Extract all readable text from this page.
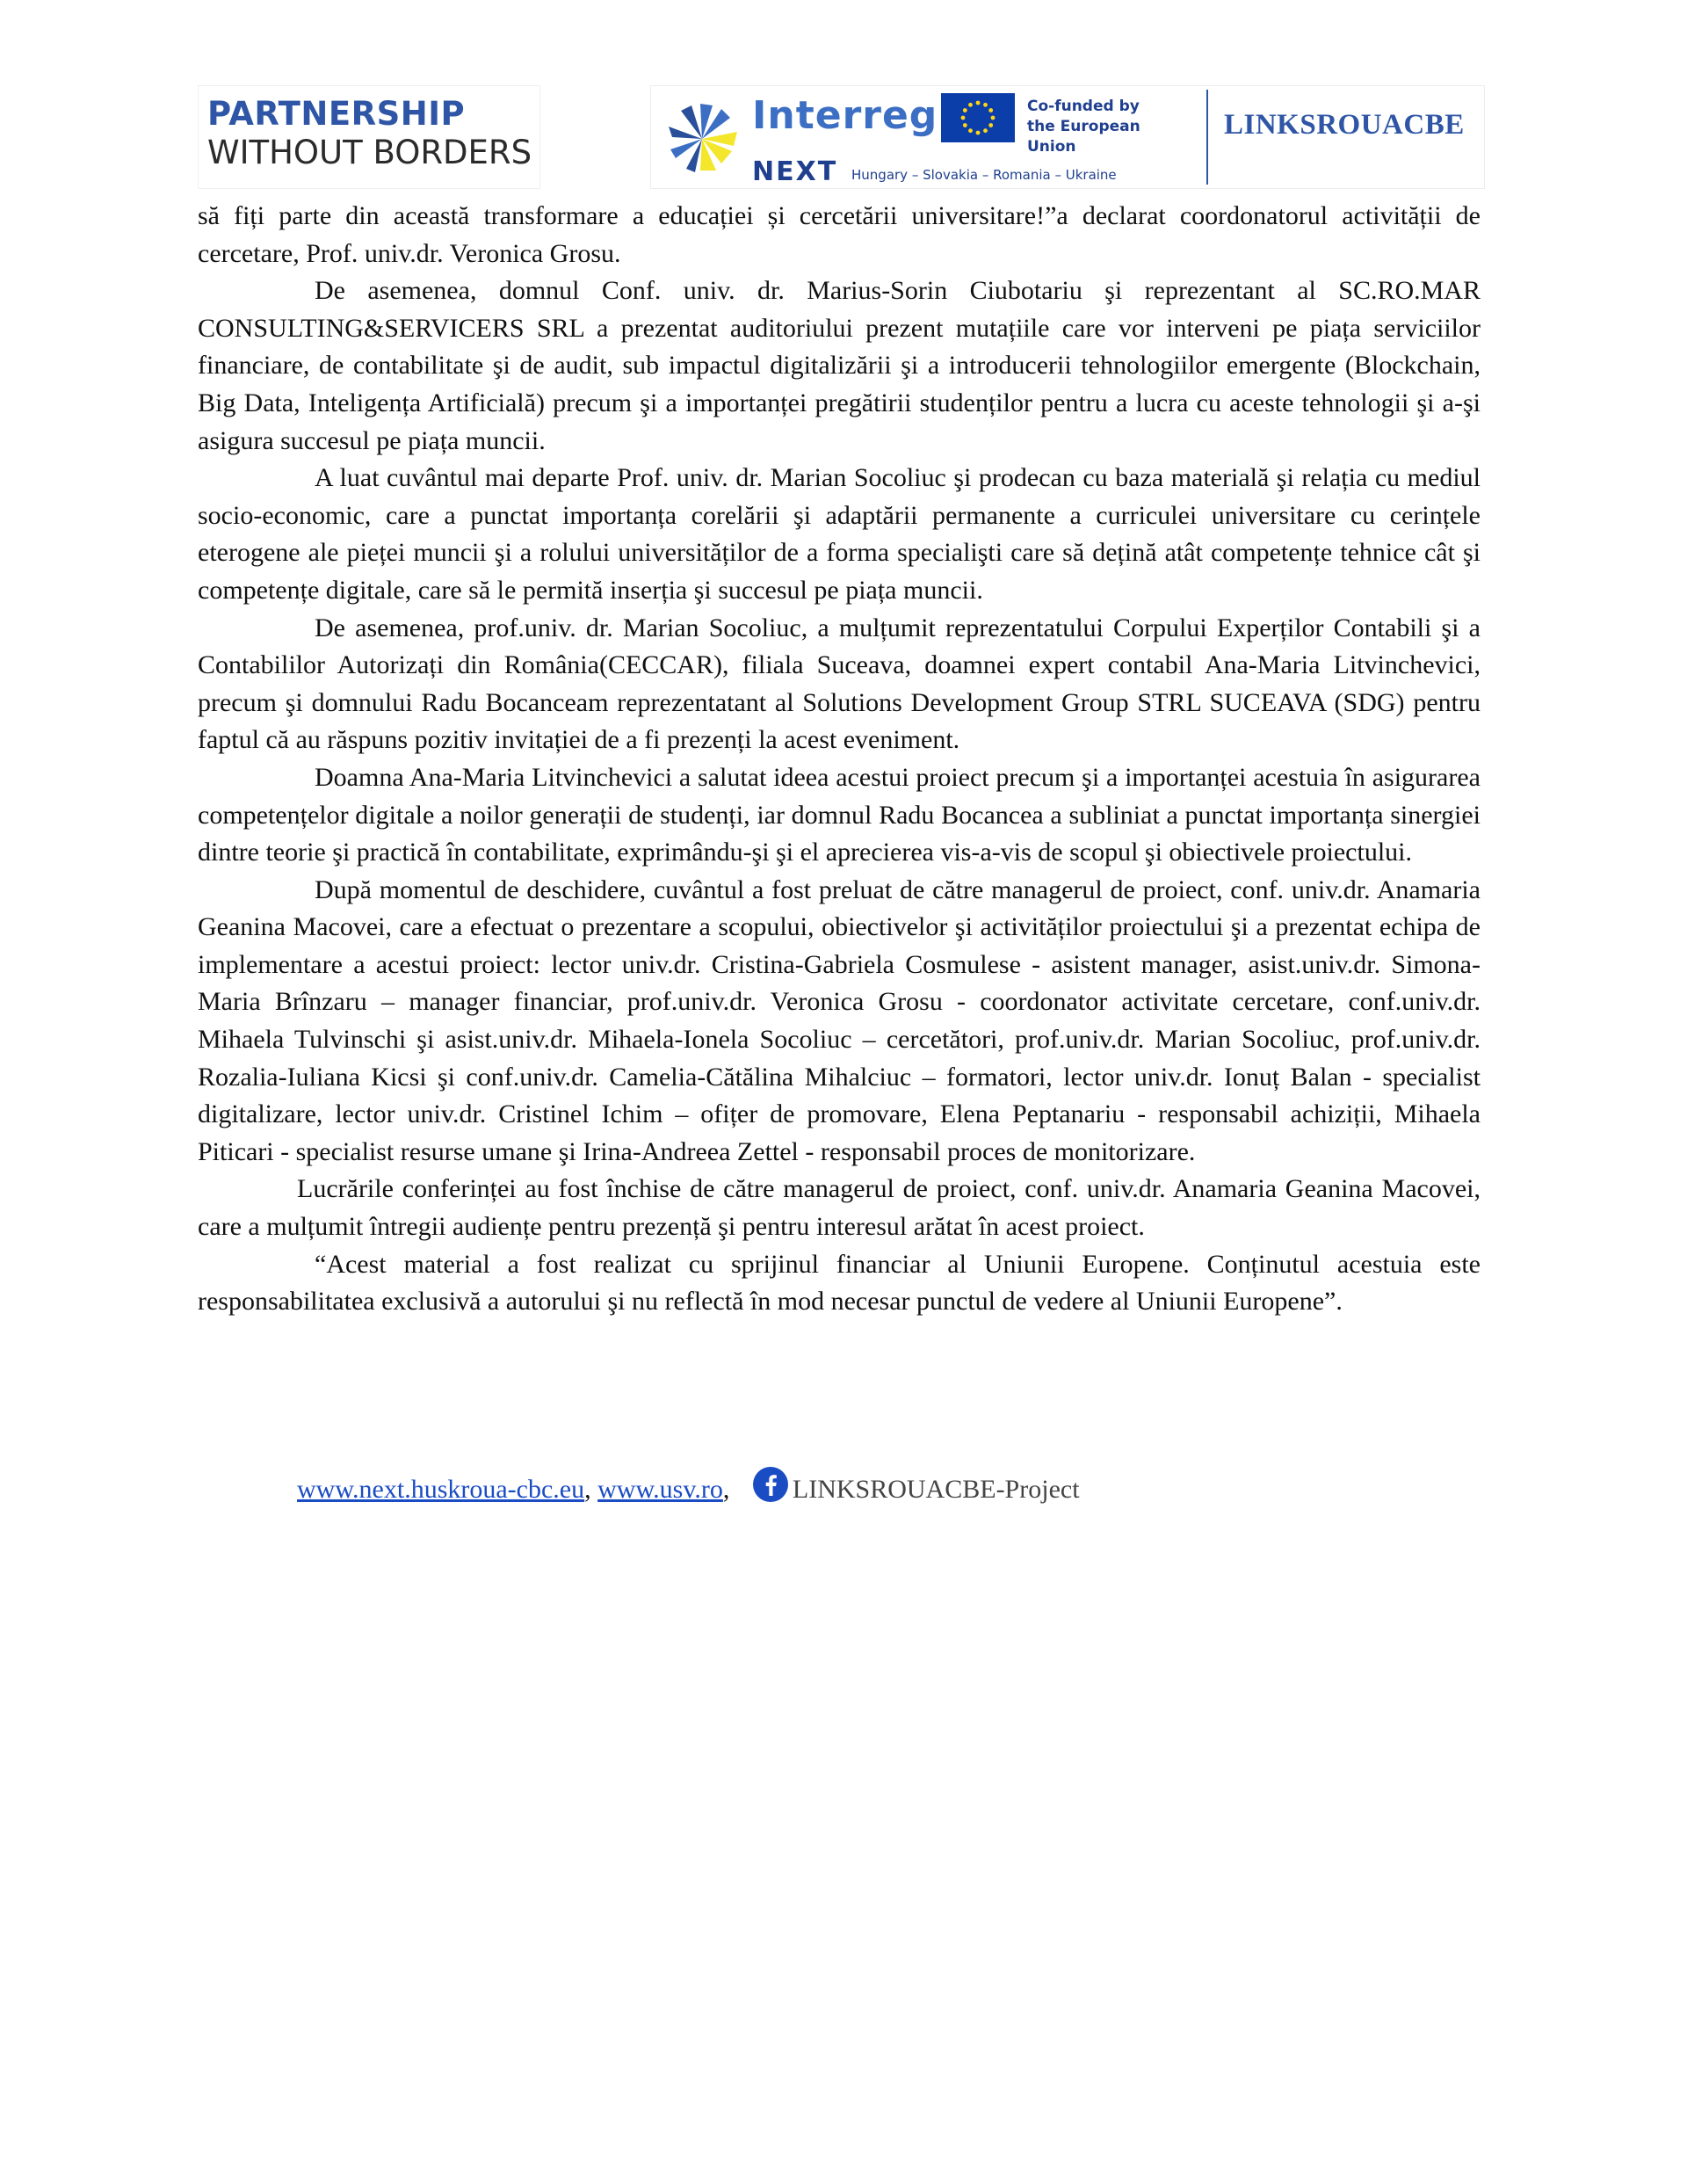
PARTNERSHIP
WITHOUT BORDERS
Interreg
NEXT Hungary – Slovakia – Romania – Ukraine
Co-funded by
the European Union
LINKSROUACBE

să fiți parte din această transformare a educației și cercetării universitare!”a declarat coordonatorul activității de cercetare, Prof. univ.dr. Veronica Grosu.

De asemenea, domnul Conf. univ. dr. Marius-Sorin Ciubotariu şi reprezentant al SC.RO.MAR CONSULTING&SERVICERS SRL a prezentat auditoriului prezent mutațiile care vor interveni pe piața serviciilor financiare, de contabilitate şi de audit, sub impactul digitalizării şi a introducerii tehnologiilor emergente (Blockchain, Big Data, Inteligența Artificială) precum şi a importanței pregătirii studenților pentru a lucra cu aceste tehnologii şi a-şi asigura succesul pe piața muncii.

A luat cuvântul mai departe Prof. univ. dr. Marian Socoliuc şi prodecan cu baza materială şi relația cu mediul socio-economic, care a punctat importanța corelării şi adaptării permanente a curriculei universitare cu cerințele eterogene ale pieței muncii şi a rolului universităților de a forma specialişti care să dețină atât competențe tehnice cât şi competențe digitale, care să le permită inserția şi succesul pe piața muncii.

De asemenea, prof.univ. dr. Marian Socoliuc, a mulțumit reprezentatului Corpului Experților Contabili şi a Contabililor Autorizați din România(CECCAR), filiala Suceava, doamnei expert contabil Ana-Maria Litvinchevici, precum şi domnului Radu Bocanceam reprezentatant al Solutions Development Group STRL SUCEAVA (SDG) pentru faptul că au răspuns pozitiv invitației de a fi prezenți la acest eveniment.

Doamna Ana-Maria Litvinchevici a salutat ideea acestui proiect precum şi a importanței acestuia în asigurarea competențelor digitale a noilor generații de studenți, iar domnul Radu Bocancea a subliniat a punctat importanța sinergiei dintre teorie şi practică în contabilitate, exprimându-şi şi el aprecierea vis-a-vis de scopul şi obiectivele proiectului.

După momentul de deschidere, cuvântul a fost preluat de către managerul de proiect, conf. univ.dr. Anamaria Geanina Macovei, care a efectuat o prezentare a scopului, obiectivelor şi activităților proiectului şi a prezentat echipa de implementare a acestui proiect: lector univ.dr. Cristina-Gabriela Cosmulese - asistent manager, asist.univ.dr. Simona-Maria Brînzaru – manager financiar, prof.univ.dr. Veronica Grosu - coordonator activitate cercetare, conf.univ.dr. Mihaela Tulvinschi şi asist.univ.dr. Mihaela-Ionela Socoliuc – cercetători, prof.univ.dr. Marian Socoliuc, prof.univ.dr. Rozalia-Iuliana Kicsi şi conf.univ.dr. Camelia-Cătălina Mihalciuc – formatori, lector univ.dr. Ionuț Balan - specialist digitalizare, lector univ.dr. Cristinel Ichim – ofițer de promovare, Elena Peptanariu - responsabil achiziții, Mihaela Piticari - specialist resurse umane şi Irina-Andreea Zettel - responsabil proces de monitorizare.

Lucrările conferinței au fost închise de către managerul de proiect, conf. univ.dr. Anamaria Geanina Macovei, care a mulțumit întregii audiențe pentru prezență şi pentru interesul arătat în acest proiect.

“Acest material a fost realizat cu sprijinul financiar al Uniunii Europene. Conținutul acestuia este responsabilitatea exclusivă a autorului şi nu reflectă în mod necesar punctul de vedere al Uniunii Europene”.

www.next.huskroua-cbc.eu, www.usv.ro, LINKSROUACBE-Project
